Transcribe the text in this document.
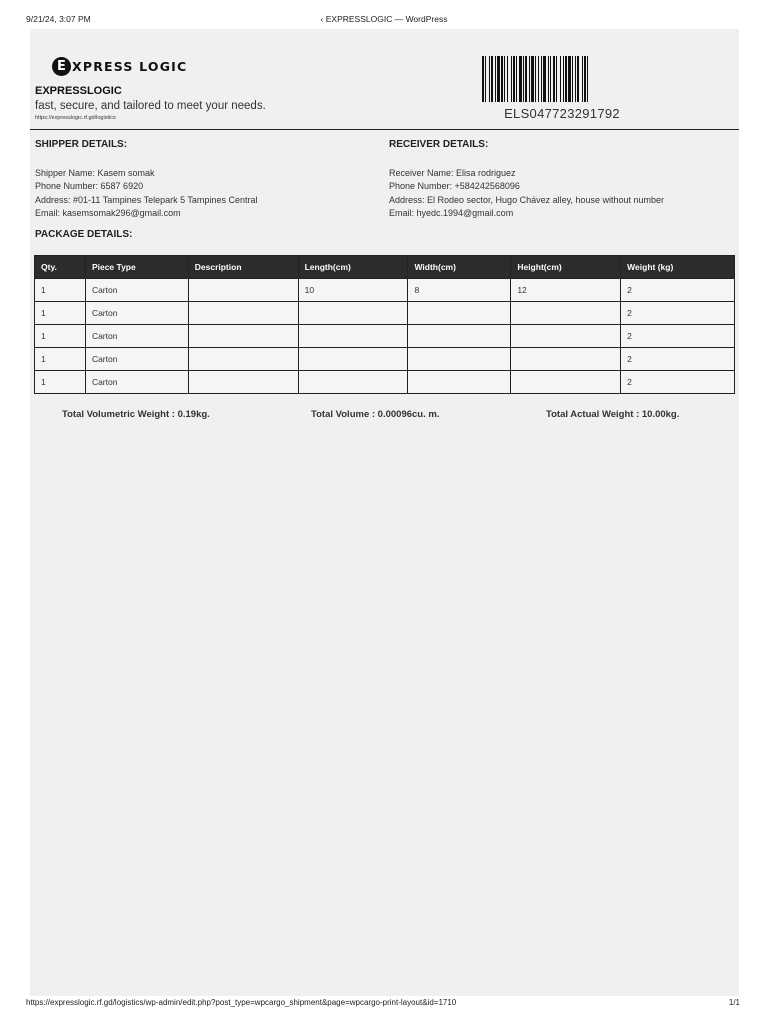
9/21/24, 3:07 PM	‹ EXPRESSLOGIC — WordPress
E XPRESS LOGIC
EXPRESSLOGIC
fast, secure, and tailored to meet your needs.
https://expresslogic.rf.gd/logistics	ELS047723291792
SHIPPER DETAILS:
Shipper Name: Kasem somak
Phone Number: 6587 6920
Address: #01-11 Tampines Telepark 5 Tampines Central
Email: kasemsomak296@gmail.com
RECEIVER DETAILS:
Receiver Name: Elisa rodriguez
Phone Number: +584242568096
Address: El Rodeo sector, Hugo Chávez alley, house without number
Email: hyedc.1994@gmail.com
PACKAGE DETAILS:
Qty.	Piece Type	Description	Length(cm)	Width(cm)	Height(cm)	Weight (kg)
1	Carton		10	8	12	2
1	Carton					2
1	Carton					2
1	Carton					2
1	Carton					2
Total Volumetric Weight : 0.19kg.	Total Volume : 0.00096cu. m.	Total Actual Weight : 10.00kg.
https://expresslogic.rf.gd/logistics/wp-admin/edit.php?post_type=wpcargo_shipment&page=wpcargo-print-layout&id=1710	1/1
